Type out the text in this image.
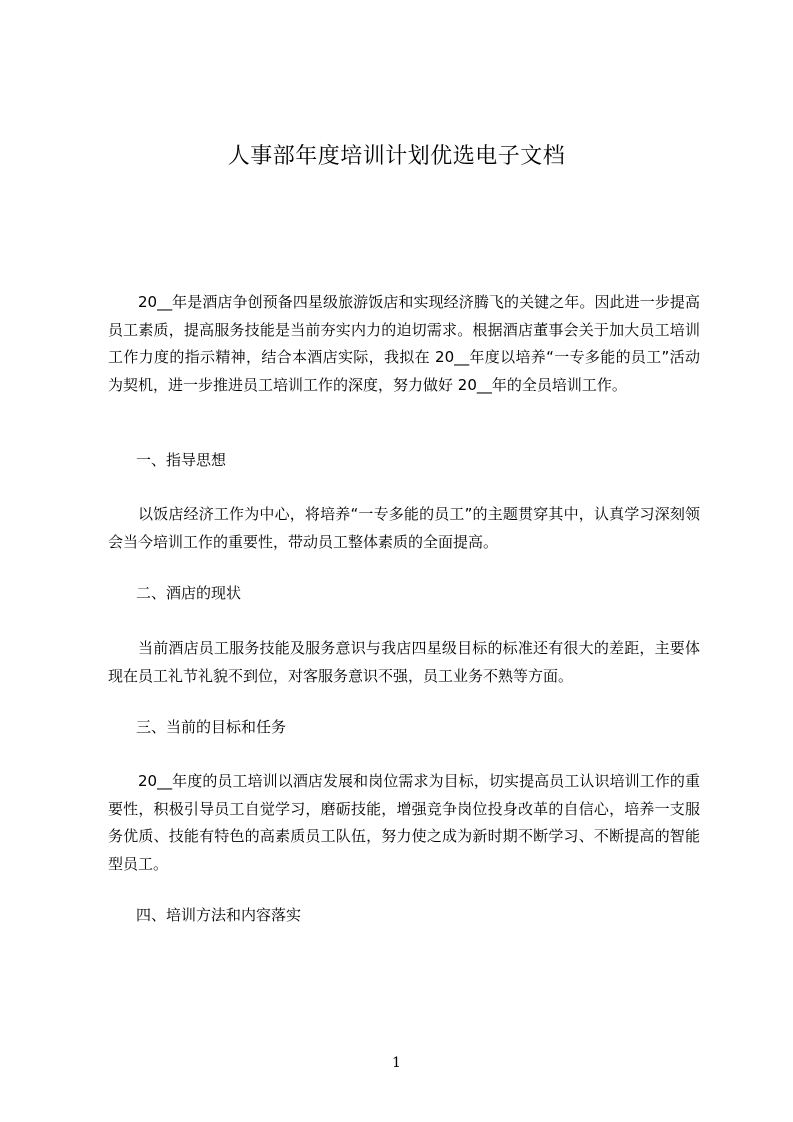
人事部年度培训计划优选电子文档

20__年是酒店争创预备四星级旅游饭店和实现经济腾飞的关键之年。因此进一步提高员工素质，提高服务技能是当前夯实内力的迫切需求。根据酒店董事会关于加大员工培训工作力度的指示精神，结合本酒店实际，我拟在 20__年度以培养“一专多能的员工”活动为契机，进一步推进员工培训工作的深度，努力做好 20__年的全员培训工作。

一、指导思想

以饭店经济工作为中心，将培养“一专多能的员工”的主题贯穿其中，认真学习深刻领会当今培训工作的重要性，带动员工整体素质的全面提高。

二、酒店的现状

当前酒店员工服务技能及服务意识与我店四星级目标的标准还有很大的差距，主要体现在员工礼节礼貌不到位，对客服务意识不强，员工业务不熟等方面。

三、当前的目标和任务

20__年度的员工培训以酒店发展和岗位需求为目标，切实提高员工认识培训工作的重要性，积极引导员工自觉学习，磨砺技能，增强竞争岗位投身改革的自信心，培养一支服务优质、技能有特色的高素质员工队伍，努力使之成为新时期不断学习、不断提高的智能型员工。

四、培训方法和内容落实

1
